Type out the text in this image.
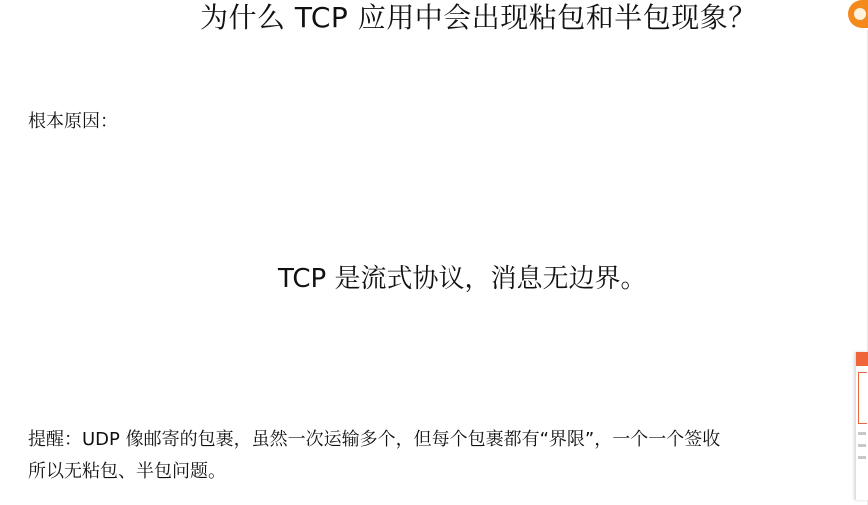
为什么 TCP 应用中会出现粘包和半包现象？
根本原因：
TCP 是流式协议，消息无边界。
提醒：UDP 像邮寄的包裹，虽然一次运输多个，但每个包裹都有“界限”，一个一个签收
所以无粘包、半包问题。
